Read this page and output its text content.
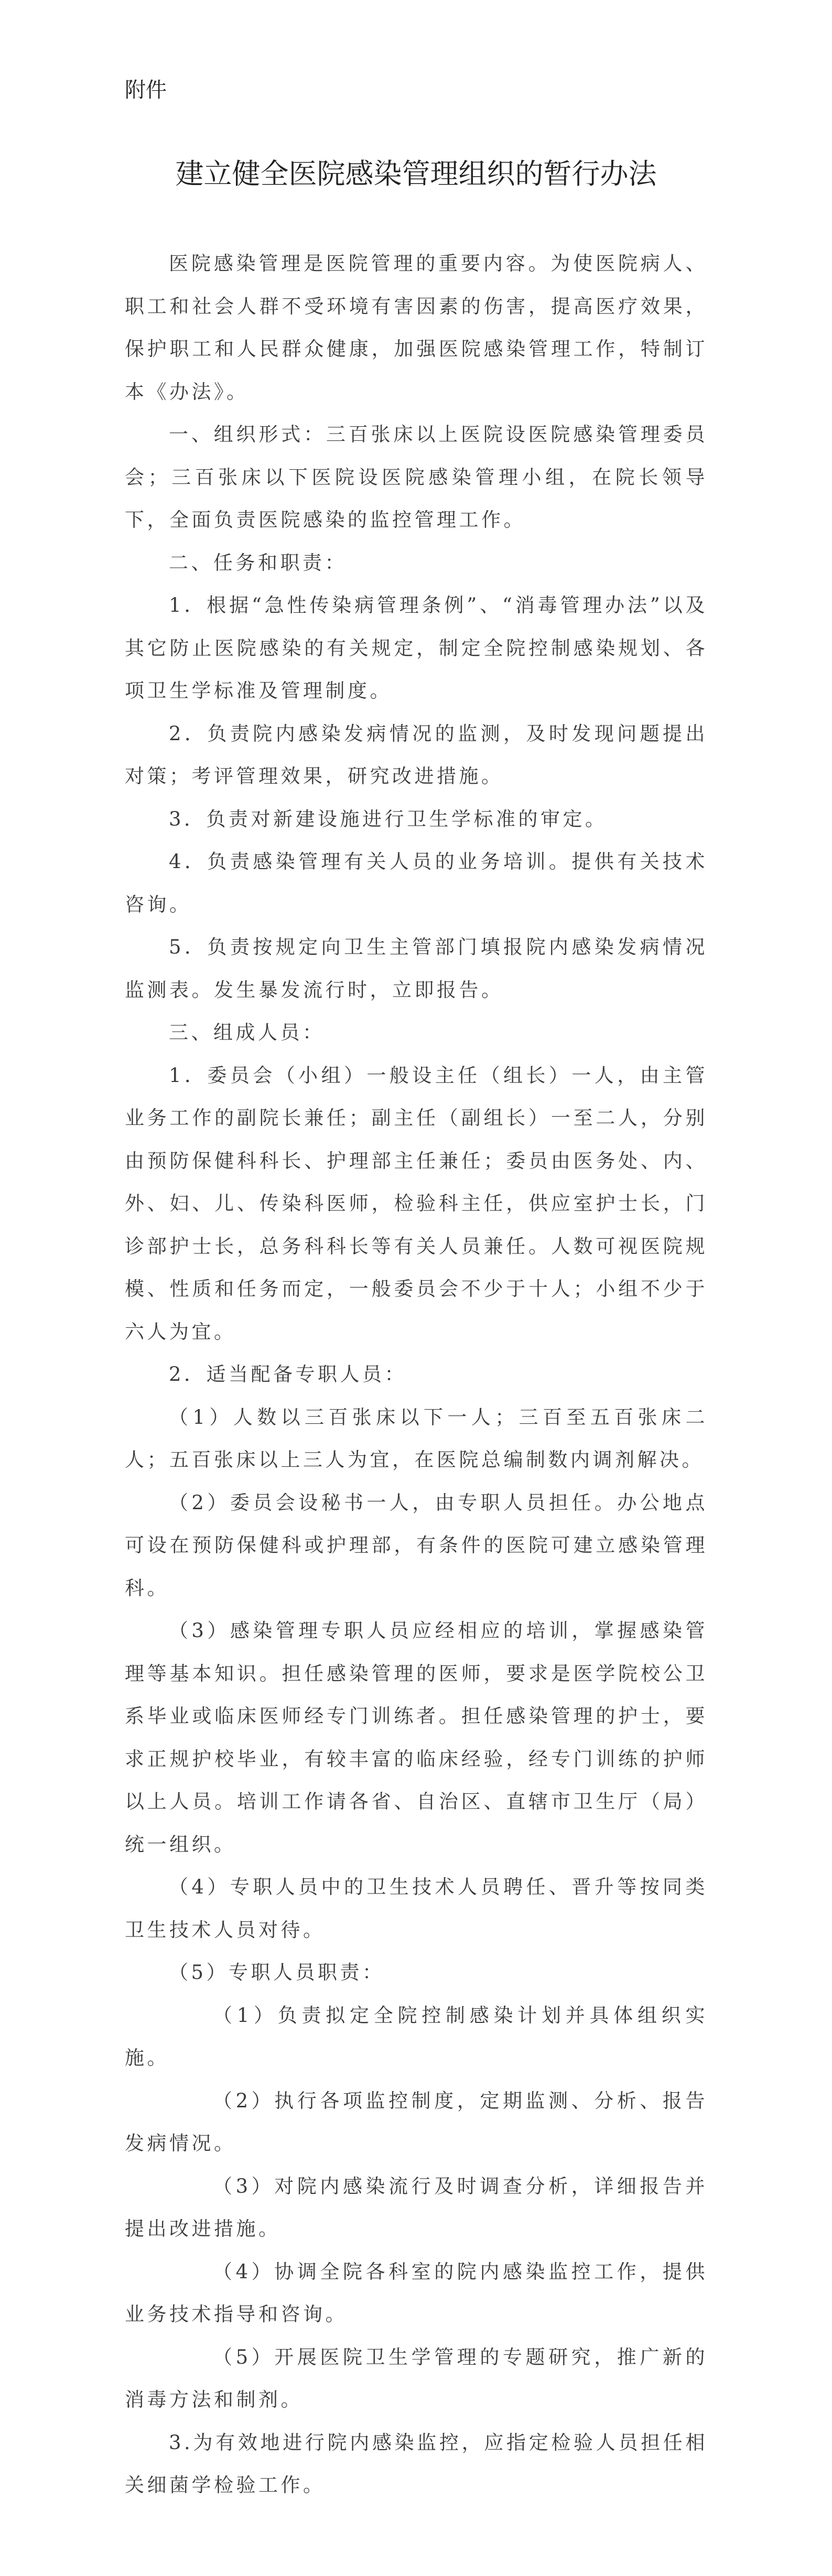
附件
建立健全医院感染管理组织的暂行办法

医院感染管理是医院管理的重要内容。为使医院病人、职工和社会人群不受环境有害因素的伤害，提高医疗效果，保护职工和人民群众健康，加强医院感染管理工作，特制订本《办法》。

一、组织形式：三百张床以上医院设医院感染管理委员会；三百张床以下医院设医院感染管理小组，在院长领导下，全面负责医院感染的监控管理工作。

二、任务和职责：

1．根据“急性传染病管理条例”、“消毒管理办法”以及其它防止医院感染的有关规定，制定全院控制感染规划、各项卫生学标准及管理制度。

2．负责院内感染发病情况的监测，及时发现问题提出对策；考评管理效果，研究改进措施。

3．负责对新建设施进行卫生学标准的审定。

4．负责感染管理有关人员的业务培训。提供有关技术咨询。

5．负责按规定向卫生主管部门填报院内感染发病情况监测表。发生暴发流行时，立即报告。

三、组成人员：

1．委员会（小组）一般设主任（组长）一人，由主管业务工作的副院长兼任；副主任（副组长）一至二人，分别由预防保健科科长、护理部主任兼任；委员由医务处、内、外、妇、儿、传染科医师，检验科主任，供应室护士长，门诊部护士长，总务科科长等有关人员兼任。人数可视医院规模、性质和任务而定，一般委员会不少于十人；小组不少于六人为宜。

2．适当配备专职人员：

（1）人数以三百张床以下一人；三百至五百张床二人；五百张床以上三人为宜，在医院总编制数内调剂解决。

（2）委员会设秘书一人，由专职人员担任。办公地点可设在预防保健科或护理部，有条件的医院可建立感染管理科。

（3）感染管理专职人员应经相应的培训，掌握感染管理等基本知识。担任感染管理的医师，要求是医学院校公卫系毕业或临床医师经专门训练者。担任感染管理的护士，要求正规护校毕业，有较丰富的临床经验，经专门训练的护师以上人员。培训工作请各省、自治区、直辖市卫生厅（局）统一组织。

（4）专职人员中的卫生技术人员聘任、晋升等按同类卫生技术人员对待。

（5）专职人员职责：

（1）负责拟定全院控制感染计划并具体组织实施。

（2）执行各项监控制度，定期监测、分析、报告发病情况。

（3）对院内感染流行及时调查分析，详细报告并提出改进措施。

（4）协调全院各科室的院内感染监控工作，提供业务技术指导和咨询。

（5）开展医院卫生学管理的专题研究，推广新的消毒方法和制剂。

3.为有效地进行院内感染监控，应指定检验人员担任相关细菌学检验工作。
